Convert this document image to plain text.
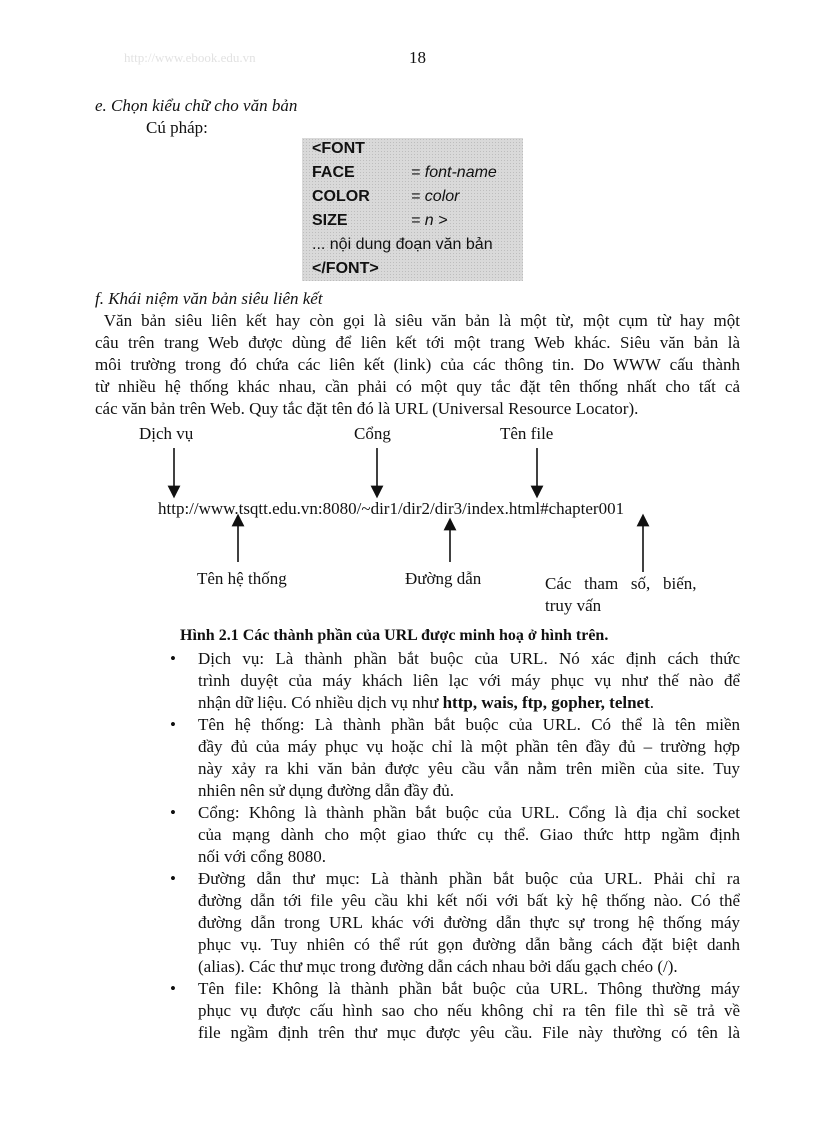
http://www.ebook.edu.vn	18
e. Chọn kiểu chữ cho văn bản
Cú pháp:
<FONT
FACE	= font-name
COLOR	= color
SIZE	= n >
... nội dung đoạn văn bản
</FONT>
f. Khái niệm văn bản siêu liên kết
Văn bản siêu liên kết hay còn gọi là siêu văn bản là một từ, một cụm từ hay một
câu trên trang Web được dùng để liên kết tới một trang Web khác. Siêu văn bản là
môi trường trong đó chứa các liên kết (link) của các thông tin. Do WWW cấu thành
từ nhiều hệ thống khác nhau, cần phải có một quy tắc đặt tên thống nhất cho tất cả
các văn bản trên Web. Quy tắc đặt tên đó là URL (Universal Resource Locator).
Dịch vụ	Cổng	Tên file
http://www.tsqtt.edu.vn:8080/~dir1/dir2/dir3/index.html#chapter001
Tên hệ thống	Đường dẫn	Các   tham   số,   biến,
truy vấn
Hình 2.1 Các thành phần của URL được minh hoạ ở hình trên.
• Dịch vụ: Là thành phần bắt buộc của URL. Nó xác định cách thức
trình duyệt của máy khách liên lạc với máy phục vụ như thế nào để
nhận dữ liệu. Có nhiều dịch vụ như http, wais, ftp, gopher, telnet.
• Tên hệ thống: Là thành phần bắt buộc của URL. Có thể là tên miền
đầy đủ của máy phục vụ hoặc chỉ là một phần tên đầy đủ – trường hợp
này xảy ra khi văn bản được yêu cầu vẫn nằm trên miền của site. Tuy
nhiên nên sử dụng đường dẫn đầy đủ.
• Cổng: Không là thành phần bắt buộc của URL. Cổng là địa chỉ socket
của mạng dành cho một giao thức cụ thể. Giao thức http ngầm định
nối với cổng 8080.
• Đường dẫn thư mục: Là thành phần bắt buộc của URL. Phải chỉ ra
đường dẫn tới file yêu cầu khi kết nối với bất kỳ hệ thống nào. Có thể
đường dẫn trong URL khác với đường dẫn thực sự trong hệ thống máy
phục vụ. Tuy nhiên có thể rút gọn đường dẫn bằng cách đặt biệt danh
(alias). Các thư mục trong đường dẫn cách nhau bởi dấu gạch chéo (/).
• Tên file: Không là thành phần bắt buộc của URL. Thông thường máy
phục vụ được cấu hình sao cho nếu không chỉ ra tên file thì sẽ trả về
file ngầm định trên thư mục được yêu cầu. File này thường có tên là
